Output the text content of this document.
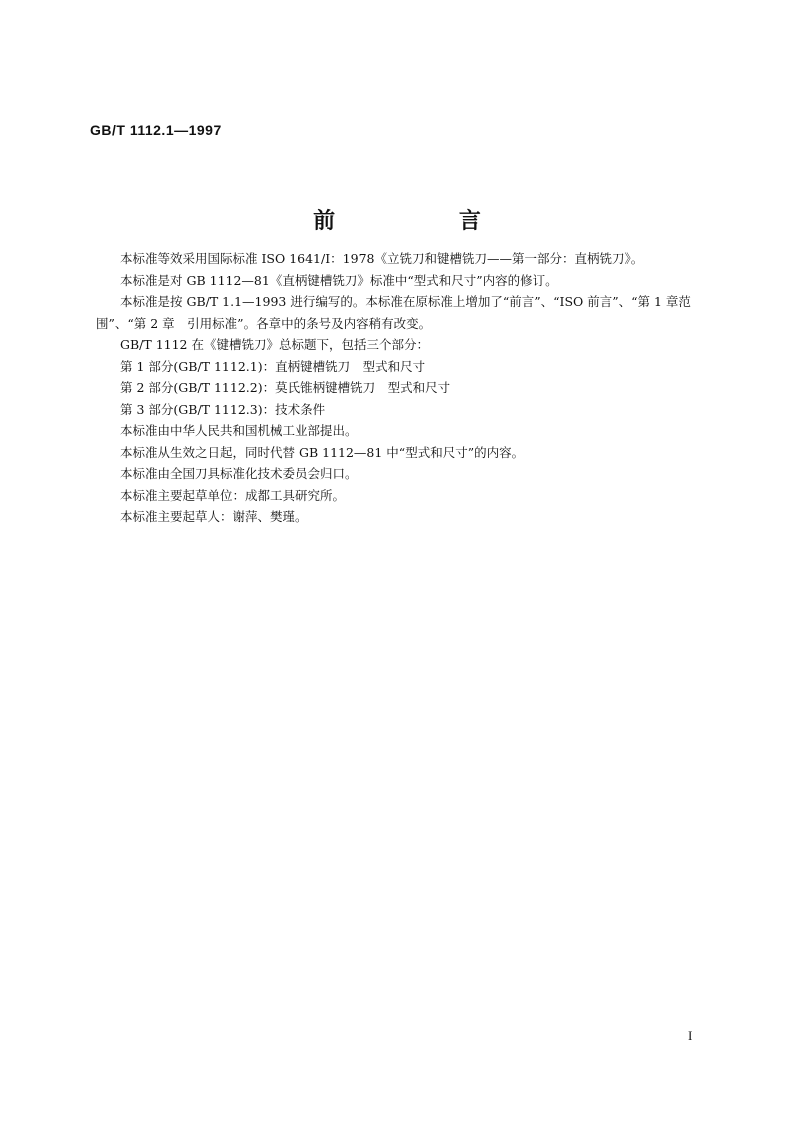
GB/T 1112.1—1997
前 言

本标准等效采用国际标准 ISO 1641/Ⅰ：1978《立铣刀和键槽铣刀——第一部分：直柄铣刀》。

本标准是对 GB 1112—81《直柄键槽铣刀》标准中“型式和尺寸”内容的修订。

本标准是按 GB/T 1.1—1993 进行编写的。本标准在原标准上增加了“前言”、“ISO 前言”、“第 1 章范围”、“第 2 章　引用标准”。各章中的条号及内容稍有改变。

GB/T 1112 在《键槽铣刀》总标题下，包括三个部分：

第 1 部分(GB/T 1112.1)：直柄键槽铣刀　型式和尺寸

第 2 部分(GB/T 1112.2)：莫氏锥柄键槽铣刀　型式和尺寸

第 3 部分(GB/T 1112.3)：技术条件

本标准由中华人民共和国机械工业部提出。

本标准从生效之日起，同时代替 GB 1112—81 中“型式和尺寸”的内容。

本标准由全国刀具标准化技术委员会归口。

本标准主要起草单位：成都工具研究所。

本标准主要起草人：谢萍、樊瑾。

I
